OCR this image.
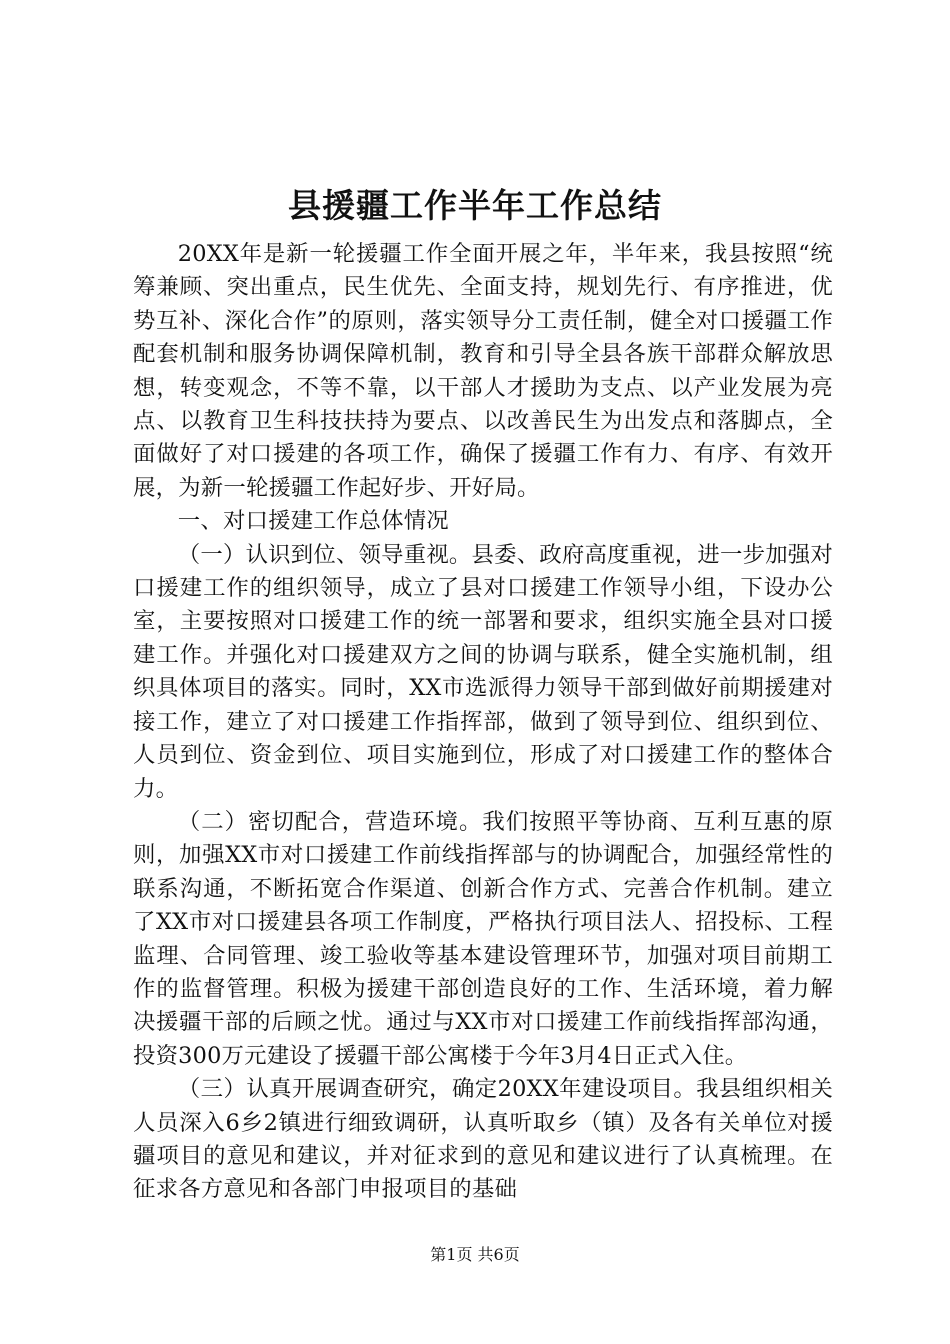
县援疆工作半年工作总结

20XX年是新一轮援疆工作全面开展之年，半年来，我县按照“统筹兼顾、突出重点，民生优先、全面支持，规划先行、有序推进，优势互补、深化合作”的原则，落实领导分工责任制，健全对口援疆工作配套机制和服务协调保障机制，教育和引导全县各族干部群众解放思想，转变观念，不等不靠，以干部人才援助为支点、以产业发展为亮点、以教育卫生科技扶持为要点、以改善民生为出发点和落脚点，全面做好了对口援建的各项工作，确保了援疆工作有力、有序、有效开展，为新一轮援疆工作起好步、开好局。

一、对口援建工作总体情况

（一）认识到位、领导重视。县委、政府高度重视，进一步加强对口援建工作的组织领导，成立了县对口援建工作领导小组，下设办公室，主要按照对口援建工作的统一部署和要求，组织实施全县对口援建工作。并强化对口援建双方之间的协调与联系，健全实施机制，组织具体项目的落实。同时，XX市选派得力领导干部到做好前期援建对接工作，建立了对口援建工作指挥部，做到了领导到位、组织到位、人员到位、资金到位、项目实施到位，形成了对口援建工作的整体合力。

（二）密切配合，营造环境。我们按照平等协商、互利互惠的原则，加强XX市对口援建工作前线指挥部与的协调配合，加强经常性的联系沟通，不断拓宽合作渠道、创新合作方式、完善合作机制。建立了XX市对口援建县各项工作制度，严格执行项目法人、招投标、工程监理、合同管理、竣工验收等基本建设管理环节，加强对项目前期工作的监督管理。积极为援建干部创造良好的工作、生活环境，着力解决援疆干部的后顾之忧。通过与XX市对口援建工作前线指挥部沟通，投资300万元建设了援疆干部公寓楼于今年3月4日正式入住。

（三）认真开展调查研究，确定20XX年建设项目。我县组织相关人员深入6乡2镇进行细致调研，认真听取乡（镇）及各有关单位对援疆项目的意见和建议，并对征求到的意见和建议进行了认真梳理。在征求各方意见和各部门申报项目的基础

第1页 共6页
